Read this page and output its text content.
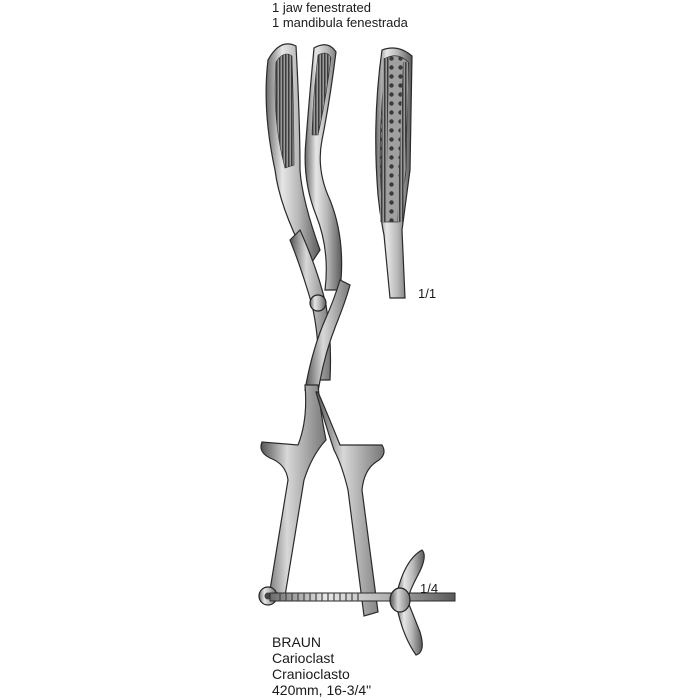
1 jaw fenestrated
1 mandibula fenestrada
1/1
1/4
BRAUN
Carioclast
Cranioclasto
420mm, 16-3/4"
